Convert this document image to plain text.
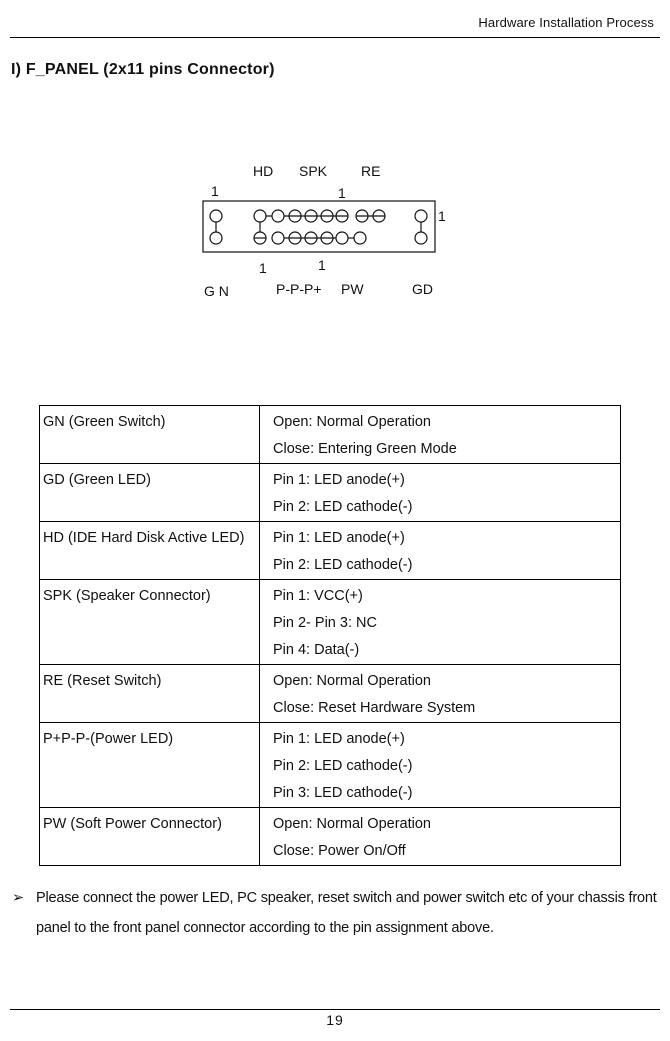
Hardware Installation Process
I) F_PANEL (2x11 pins Connector)
HD SPK RE
1	1
1
1	1
G N	P-P-P+ PW	GD
GN (Green Switch)	Open: Normal Operation
Close: Entering Green Mode

GD (Green LED)	Pin 1: LED anode(+)
Pin 2: LED cathode(-)

HD (IDE Hard Disk Active LED)	Pin 1: LED anode(+)
Pin 2: LED cathode(-)

SPK (Speaker Connector)	Pin 1: VCC(+)
Pin 2- Pin 3: NC
Pin 4: Data(-)

RE (Reset Switch)	Open: Normal Operation
Close: Reset Hardware System

P+P-P-(Power LED)	Pin 1: LED anode(+)
Pin 2: LED cathode(-)
Pin 3: LED cathode(-)

PW (Soft Power Connector)	Open: Normal Operation
Close: Power On/Off
➢ Please connect the power LED, PC speaker, reset switch and power switch etc of your chassis front panel to the front panel connector according to the pin assignment above.
19
